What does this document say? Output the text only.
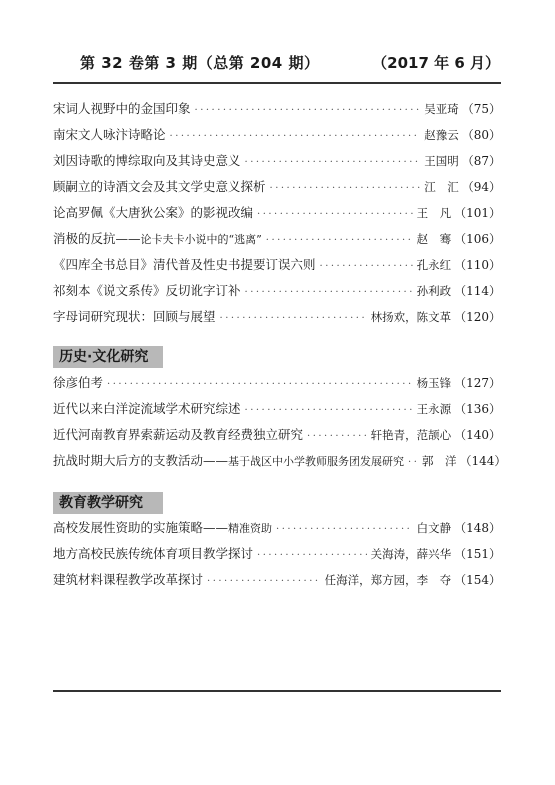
第 32 卷第 3 期（总第 204 期）	（2017 年 6 月）
宋词人视野中的金国印象 ·····	吴亚琦 （75）
南宋文人咏汴诗略论 ·····	赵豫云 （80）
刘因诗歌的博综取向及其诗史意义 ·····	王国明 （87）
顾嗣立的诗酒文会及其文学史意义探析 ·····	江　汇 （94）
论高罗佩《大唐狄公案》的影视改编 ·····	王　凡 （101）
消极的反抗—— 论卡夫卡小说中的“逃离” ·····	赵　骞 （106）
《四库全书总目》清代普及性史书提要订误六则 ·····	孔永红 （110）
祁刻本《说文系传》反切讹字订补 ·····	孙利政 （114）
字母词研究现状：回顾与展望 ·····	林扬欢，陈文革 （120）
历史·文化研究
徐彦伯考 ·····	杨玉锋 （127）
近代以来白洋淀流域学术研究综述 ·····	王永源 （136）
近代河南教育界索薪运动及教育经费独立研究 ·····	轩艳青，范颉心 （140）
抗战时期大后方的支教活动—— 基于战区中小学教师服务团发展研究 ····· 郭　洋 （144）
教育教学研究
高校发展性资助的实施策略—— 精准资助 ·····	白文静 （148）
地方高校民族传统体育项目教学探讨 ·····	关海涛，薛兴华 （151）
建筑材料课程教学改革探讨 ·····	任海洋，郑方园，李　夺 （154）
